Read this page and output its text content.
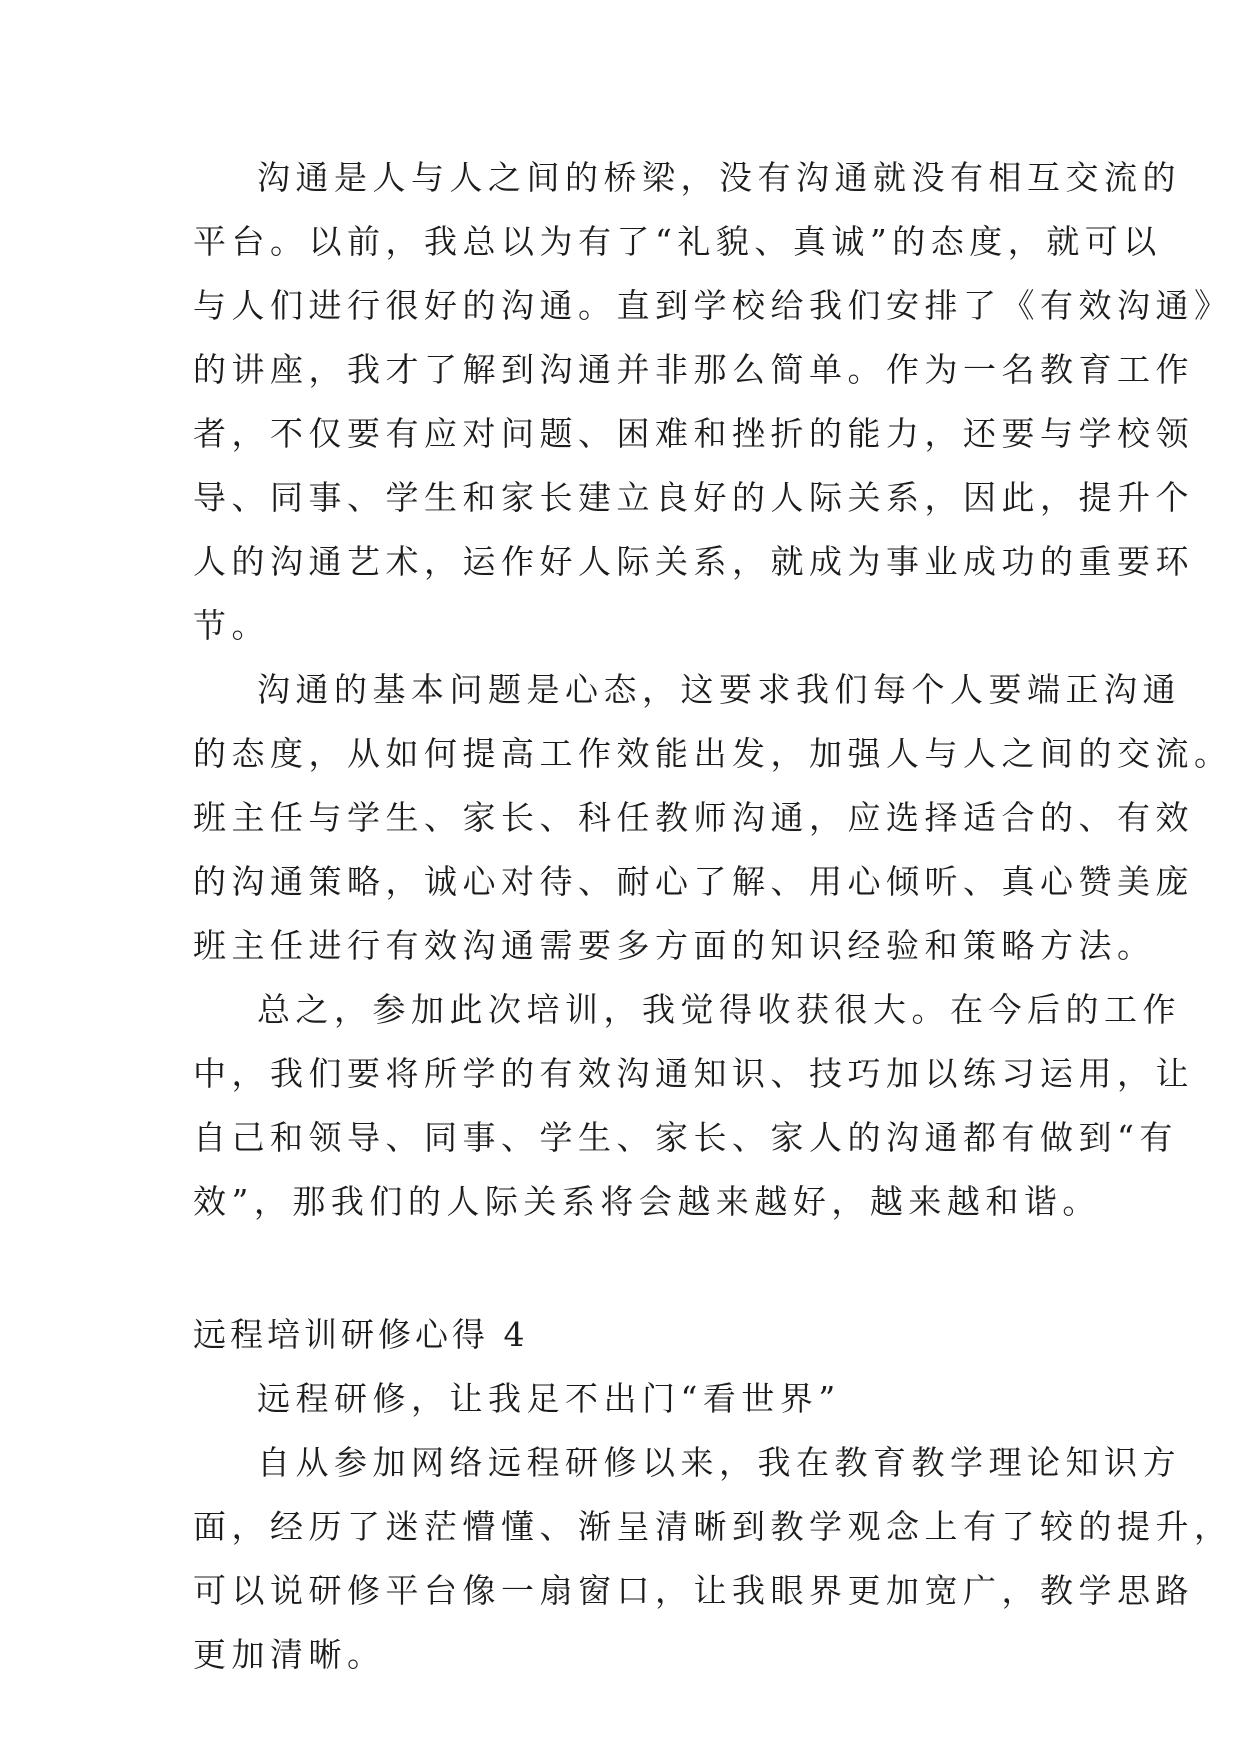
沟通是人与人之间的桥梁，没有沟通就没有相互交流的
平台。以前，我总以为有了“礼貌、真诚”的态度，就可以
与人们进行很好的沟通。直到学校给我们安排了《有效沟通》
的讲座，我才了解到沟通并非那么简单。作为一名教育工作
者，不仅要有应对问题、困难和挫折的能力，还要与学校领
导、同事、学生和家长建立良好的人际关系，因此，提升个
人的沟通艺术，运作好人际关系，就成为事业成功的重要环
节。
沟通的基本问题是心态，这要求我们每个人要端正沟通
的态度，从如何提高工作效能出发，加强人与人之间的交流。
班主任与学生、家长、科任教师沟通，应选择适合的、有效
的沟通策略，诚心对待、耐心了解、用心倾听、真心赞美庞
班主任进行有效沟通需要多方面的知识经验和策略方法。
总之，参加此次培训，我觉得收获很大。在今后的工作
中，我们要将所学的有效沟通知识、技巧加以练习运用，让
自己和领导、同事、学生、家长、家人的沟通都有做到“有
效”，那我们的人际关系将会越来越好，越来越和谐。
远程培训研修心得 4
远程研修，让我足不出门“看世界”
自从参加网络远程研修以来，我在教育教学理论知识方
面，经历了迷茫懵懂、渐呈清晰到教学观念上有了较的提升，
可以说研修平台像一扇窗口，让我眼界更加宽广，教学思路
更加清晰。
